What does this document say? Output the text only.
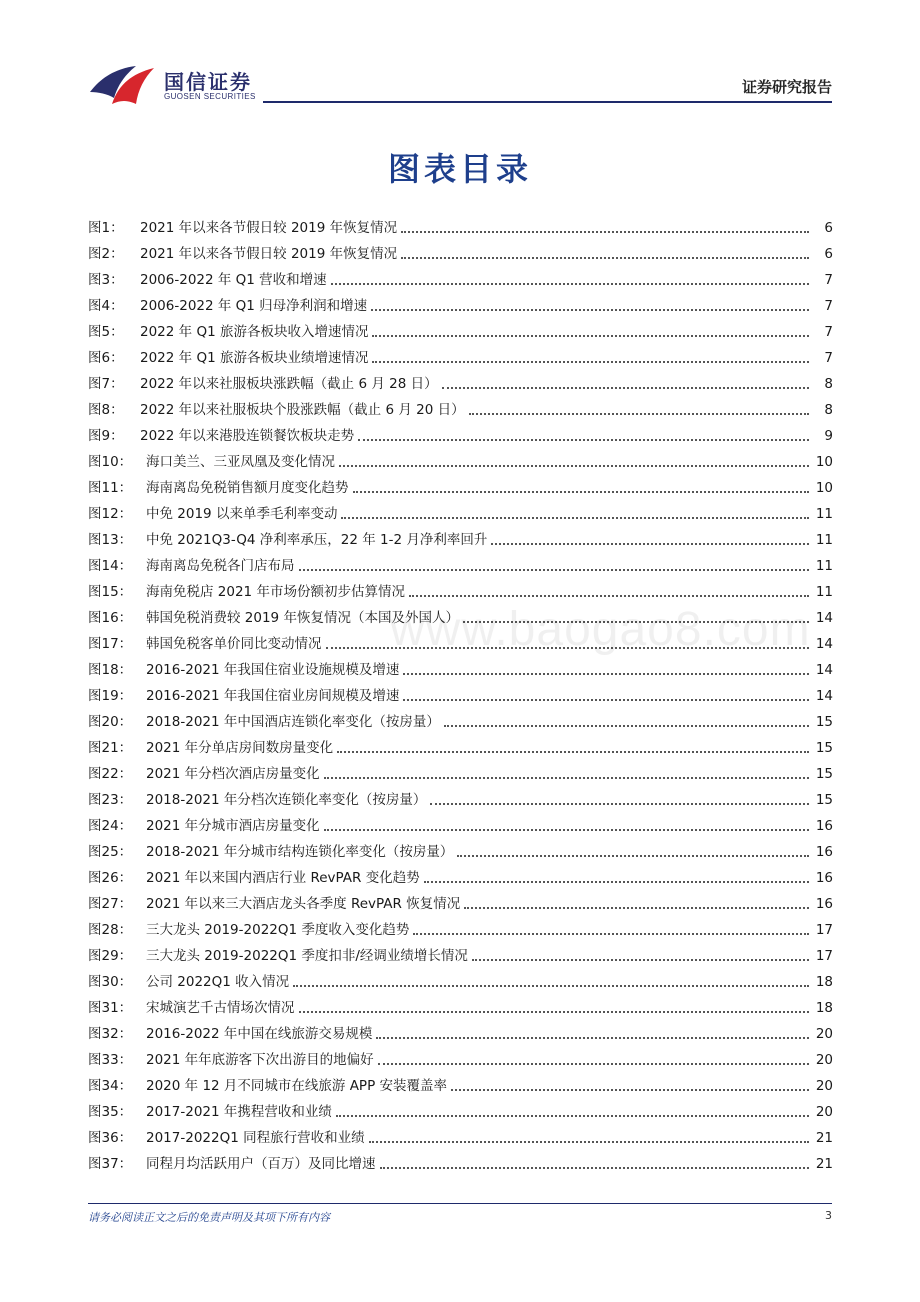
国信证券
GUOSEN SECURITIES
证券研究报告
图表目录
图1：	2021 年以来各节假日较 2019 年恢复情况	6
图2：	2021 年以来各节假日较 2019 年恢复情况	6
图3：	2006-2022 年 Q1 营收和增速	7
图4：	2006-2022 年 Q1 归母净利润和增速	7
图5：	2022 年 Q1 旅游各板块收入增速情况	7
图6：	2022 年 Q1 旅游各板块业绩增速情况	7
图7：	2022 年以来社服板块涨跌幅（截止 6 月 28 日）	8
图8：	2022 年以来社服板块个股涨跌幅（截止 6 月 20 日）	8
图9：	2022 年以来港股连锁餐饮板块走势	9
图10：	海口美兰、三亚凤凰及变化情况	10
图11：	海南离岛免税销售额月度变化趋势	10
图12：	中免 2019 以来单季毛利率变动	11
图13：	中免 2021Q3-Q4 净利率承压，22 年 1-2 月净利率回升	11
图14：	海南离岛免税各门店布局	11
图15：	海南免税店 2021 年市场份额初步估算情况	11
图16：	韩国免税消费较 2019 年恢复情况（本国及外国人）	14
图17：	韩国免税客单价同比变动情况	14
图18：	2016-2021 年我国住宿业设施规模及增速	14
图19：	2016-2021 年我国住宿业房间规模及增速	14
图20：	2018-2021 年中国酒店连锁化率变化（按房量）	15
图21：	2021 年分单店房间数房量变化	15
图22：	2021 年分档次酒店房量变化	15
图23：	2018-2021 年分档次连锁化率变化（按房量）	15
图24：	2021 年分城市酒店房量变化	16
图25：	2018-2021 年分城市结构连锁化率变化（按房量）	16
图26：	2021 年以来国内酒店行业 RevPAR 变化趋势	16
图27：	2021 年以来三大酒店龙头各季度 RevPAR 恢复情况	16
图28：	三大龙头 2019-2022Q1 季度收入变化趋势	17
图29：	三大龙头 2019-2022Q1 季度扣非/经调业绩增长情况	17
图30：	公司 2022Q1 收入情况	18
图31：	宋城演艺千古情场次情况	18
图32：	2016-2022 年中国在线旅游交易规模	20
图33：	2021 年年底游客下次出游目的地偏好	20
图34：	2020 年 12 月不同城市在线旅游 APP 安装覆盖率	20
图35：	2017-2021 年携程营收和业绩	20
图36：	2017-2022Q1 同程旅行营收和业绩	21
图37：	同程月均活跃用户（百万）及同比增速	21
www.baogao8.com
请务必阅读正文之后的免责声明及其项下所有内容	3
